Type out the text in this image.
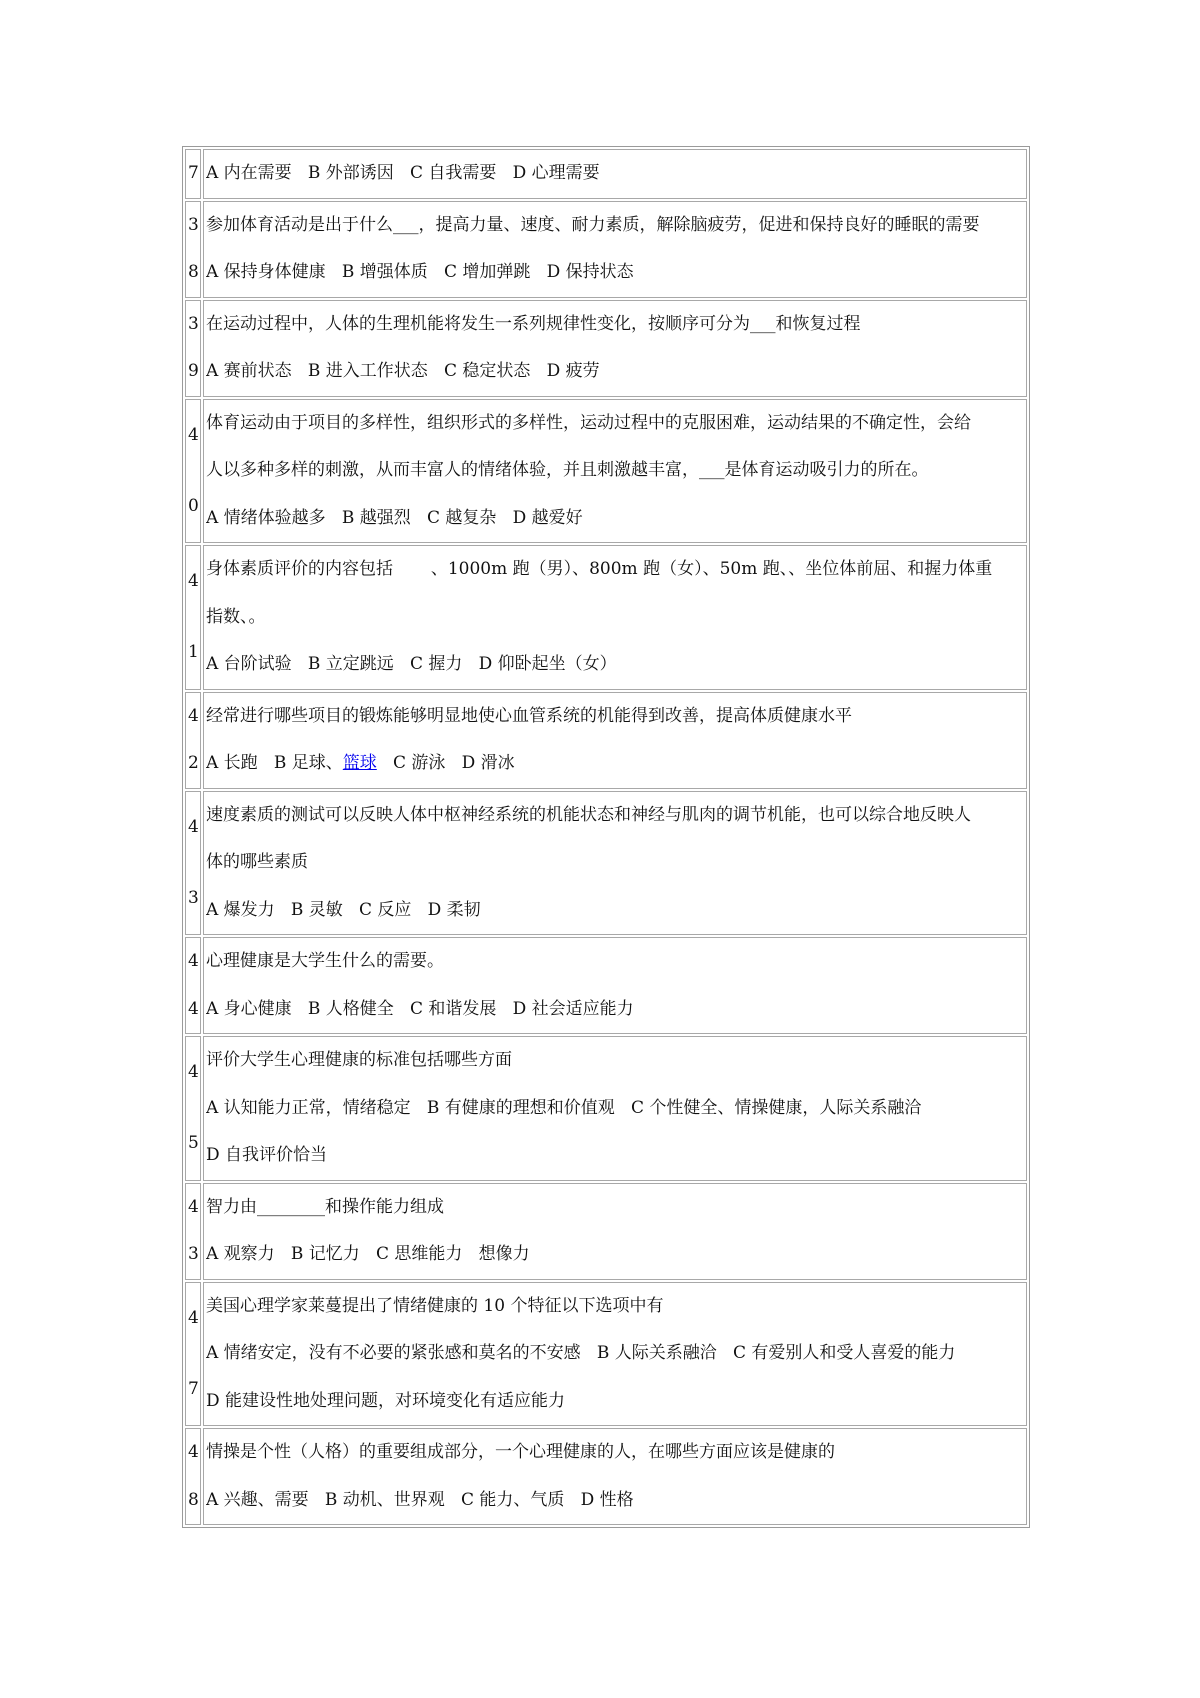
7	A 内在需要   B 外部诱因   C 自我需要   D 心理需要

3
8	参加体育活动是出于什么___，提高力量、速度、耐力素质，解除脑疲劳，促进和保持良好的睡眠的需要
A 保持身体健康   B 增强体质   C 增加弹跳   D 保持状态

3
9	在运动过程中，人体的生理机能将发生一系列规律性变化，按顺序可分为___和恢复过程
A 赛前状态   B 进入工作状态   C 稳定状态   D 疲劳

4
0	体育运动由于项目的多样性，组织形式的多样性，运动过程中的克服困难，运动结果的不确定性，会给
人以多种多样的刺激，从而丰富人的情绪体验，并且刺激越丰富，___是体育运动吸引力的所在。
A 情绪体验越多   B 越强烈   C 越复杂   D 越爱好

4
1	身体素质评价的内容包括       、1000m 跑（男）、800m 跑（女）、50m 跑、、坐位体前屈、和握力体重
指数、。
A 台阶试验   B 立定跳远   C 握力   D 仰卧起坐（女）

4
2	经常进行哪些项目的锻炼能够明显地使心血管系统的机能得到改善，提高体质健康水平
A 长跑   B 足球、篮球   C 游泳   D 滑冰

4
3	速度素质的测试可以反映人体中枢神经系统的机能状态和神经与肌肉的调节机能，也可以综合地反映人
体的哪些素质
A 爆发力   B 灵敏   C 反应   D 柔韧

4
4	心理健康是大学生什么的需要。
A 身心健康   B 人格健全   C 和谐发展   D 社会适应能力

4
5	评价大学生心理健康的标准包括哪些方面
A 认知能力正常，情绪稳定   B 有健康的理想和价值观   C 个性健全、情操健康，人际关系融洽
D 自我评价恰当

4
3	智力由________和操作能力组成
A 观察力   B 记忆力   C 思维能力   想像力

4
7	美国心理学家莱蔓提出了情绪健康的 10 个特征以下选项中有
A 情绪安定，没有不必要的紧张感和莫名的不安感   B 人际关系融洽   C 有爱别人和受人喜爱的能力
D 能建设性地处理问题，对环境变化有适应能力

4
8	情操是个性（人格）的重要组成部分，一个心理健康的人，在哪些方面应该是健康的
A 兴趣、需要   B 动机、世界观   C 能力、气质   D 性格
